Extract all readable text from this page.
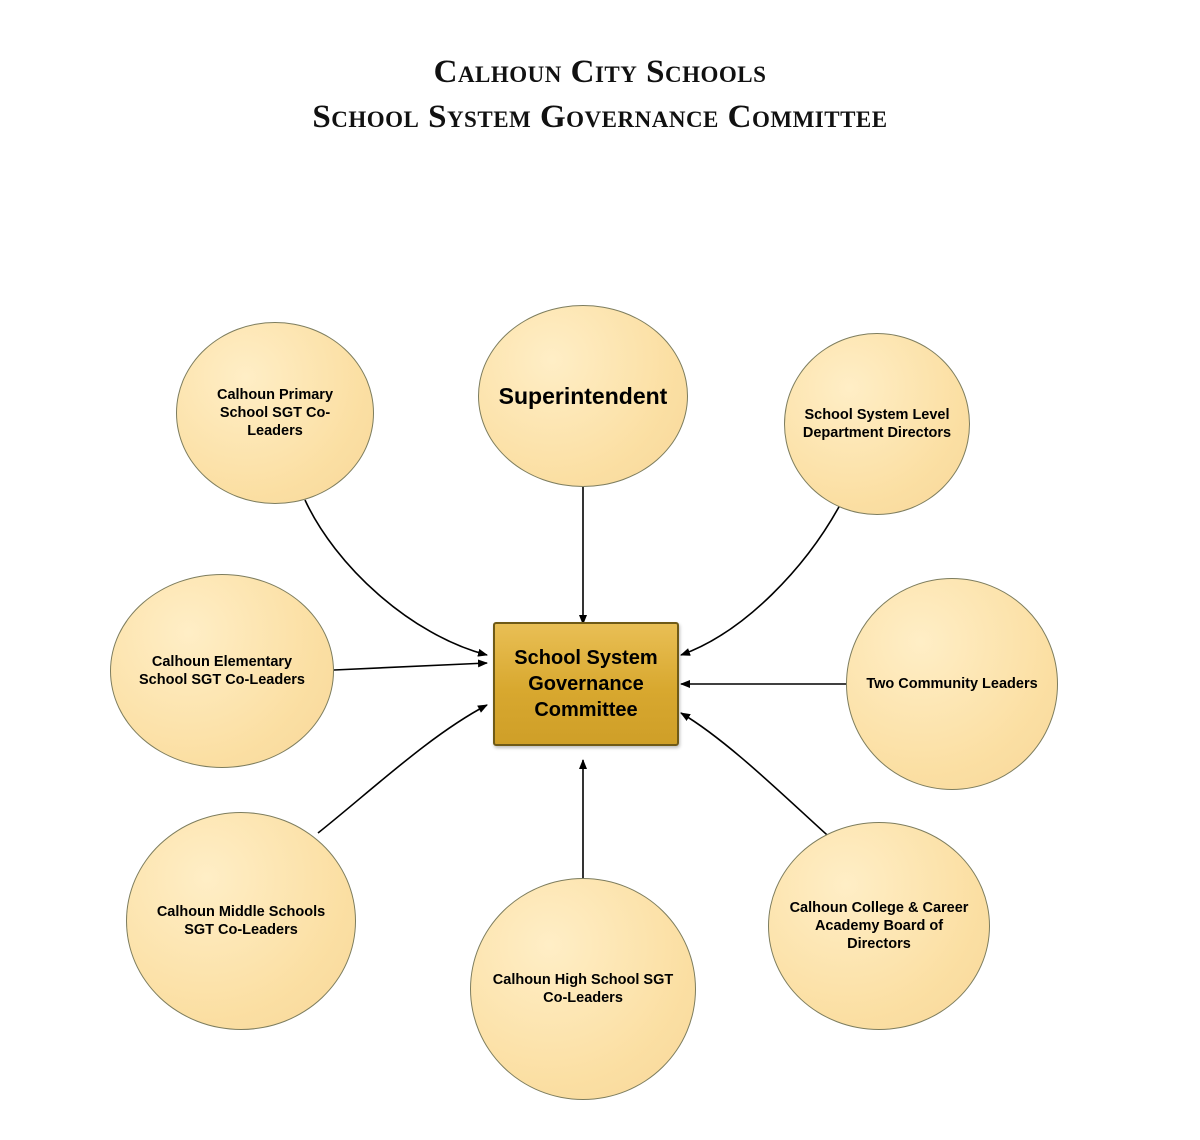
Calhoun City Schools
School System Governance Committee
Superintendent
Calhoun Primary School SGT Co-Leaders
Calhoun Elementary School SGT Co-Leaders
Calhoun Middle Schools SGT Co-Leaders
Calhoun High School SGT Co-Leaders
School System Level Department Directors
Two Community Leaders
Calhoun College & Career Academy Board of Directors
School System Governance Committee
